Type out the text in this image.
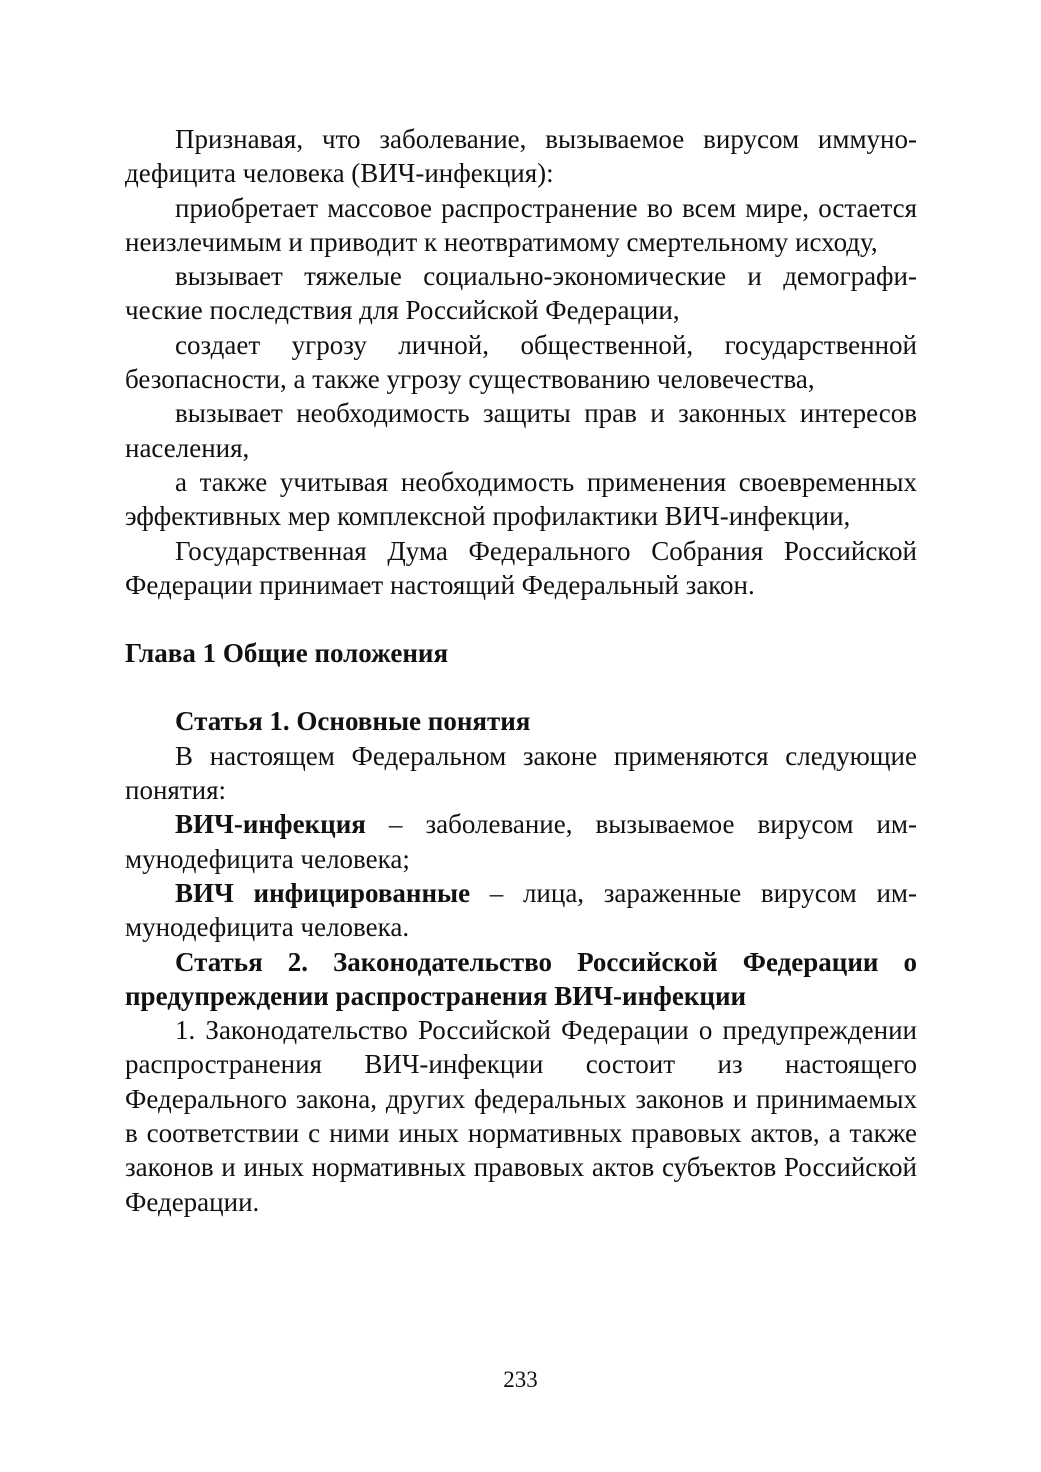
Признавая, что заболевание, вызываемое вирусом иммунодефицита человека (ВИЧ-инфекция):

приобретает массовое распространение во всем мире, остается неизлечимым и приводит к неотвратимому смертельному исходу,

вызывает тяжелые социально-экономические и демографические последствия для Российской Федерации,

создает угрозу личной, общественной, государственной безопасности, а также угрозу существованию человечества,

вызывает необходимость защиты прав и законных интересов населения,

а также учитывая необходимость применения своевременных эффективных мер комплексной профилактики ВИЧ-инфекции,

Государственная Дума Федерального Собрания Российской Федерации принимает настоящий Федеральный закон.

Глава 1 Общие положения

Статья 1. Основные понятия

В настоящем Федеральном законе применяются следующие понятия:

ВИЧ-инфекция – заболевание, вызываемое вирусом иммунодефицита человека;

ВИЧ инфицированные – лица, зараженные вирусом иммунодефицита человека.

Статья 2. Законодательство Российской Федерации о предупреждении распространения ВИЧ-инфекции

1. Законодательство Российской Федерации о предупреждении распространения ВИЧ-инфекции состоит из настоящего Федерального закона, других федеральных законов и принимаемых в соответствии с ними иных нормативных правовых актов, а также законов и иных нормативных правовых актов субъектов Российской Федерации.

233
